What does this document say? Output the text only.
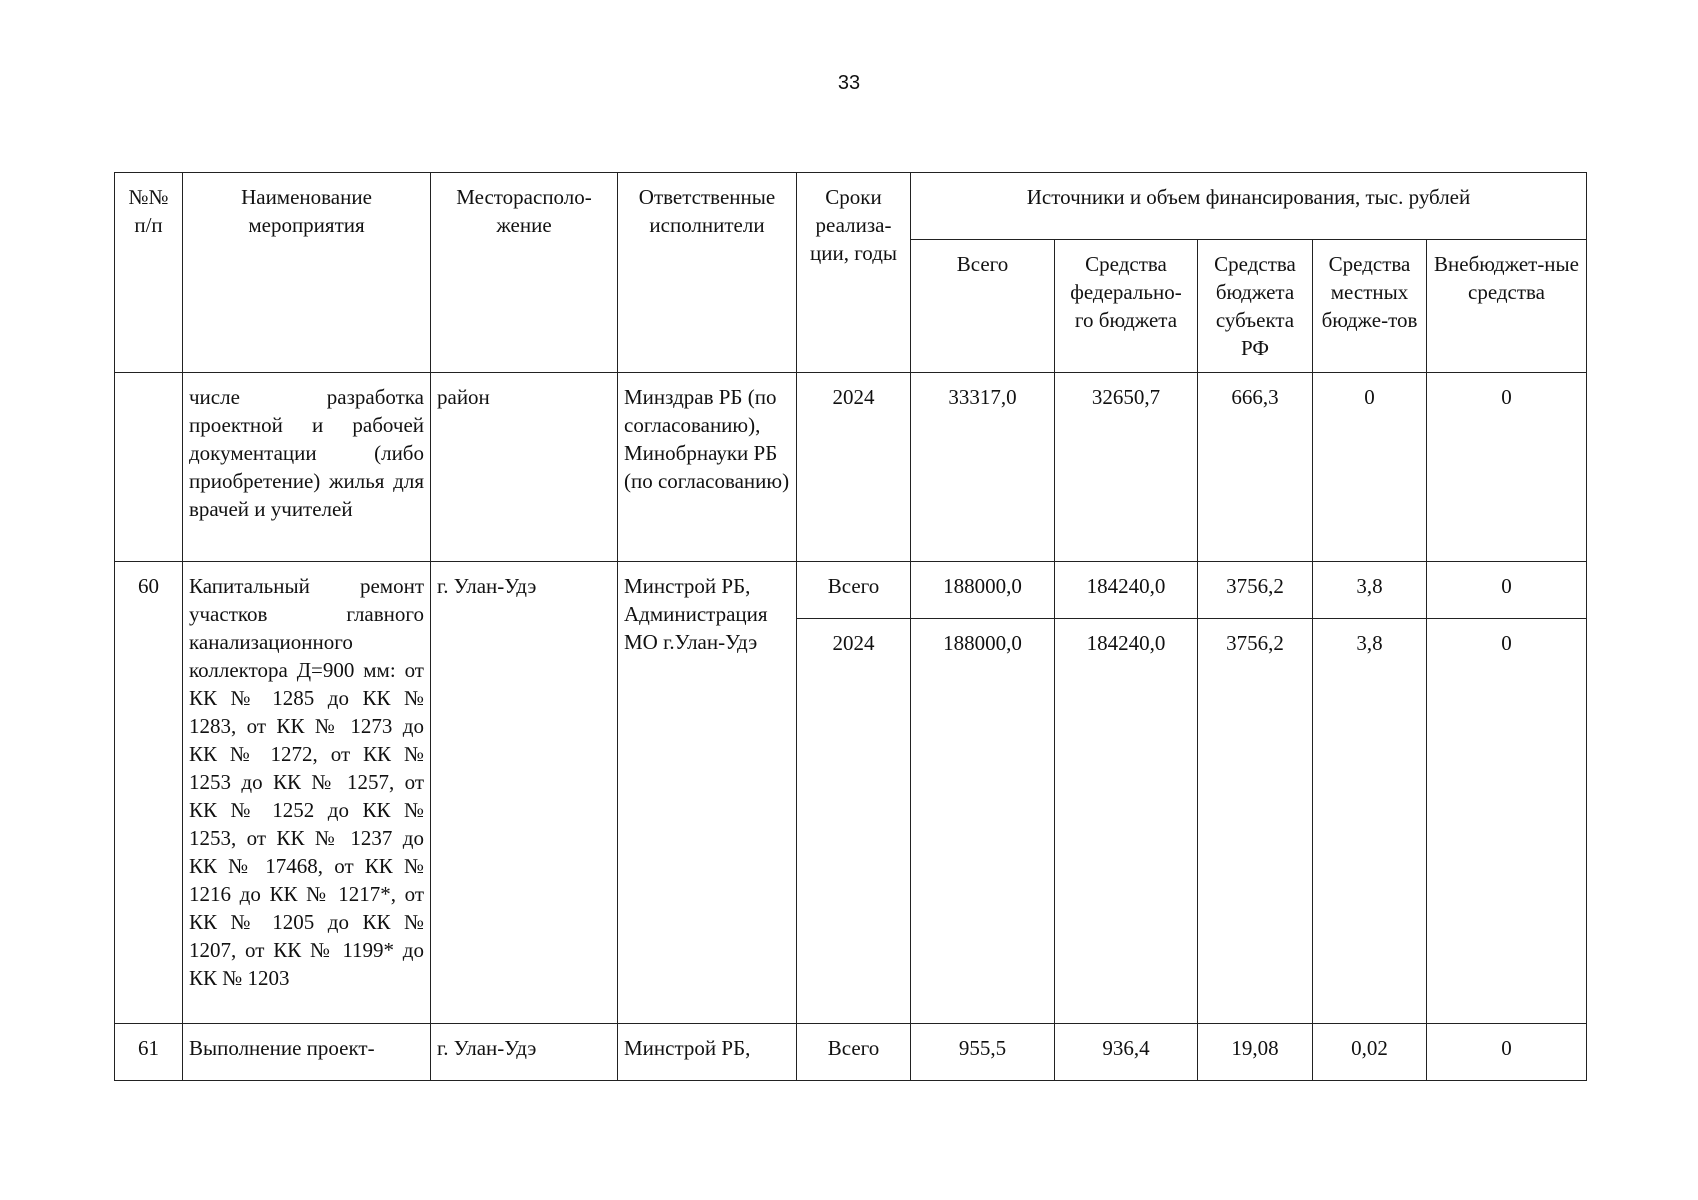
33
№№ п/п	Наименование мероприятия	Месторасполо-жение	Ответственные исполнители	Сроки реализа-ции, годы	Источники и объем финансирования, тыс. рублей				
					Всего	Средства федерально-го бюджета	Средства бюджета субъекта РФ	Средства местных бюдже-тов	Внебюджет-ные средства
	числе разработка проектной и рабочей документации (либо приобретение) жилья для врачей и учителей	район	Минздрав РБ (по согласованию), Минобрнауки РБ (по согласованию)	2024	33317,0	32650,7	666,3	0	0
60	Капитальный ремонт участков главного канализационного коллектора Д=900 мм: от КК № 1285 до КК № 1283, от КК № 1273 до КК № 1272, от КК № 1253 до КК № 1257, от КК № 1252 до КК № 1253, от КК № 1237 до КК № 17468, от КК № 1216 до КК № 1217*, от КК № 1205 до КК № 1207, от КК № 1199* до КК № 1203	г. Улан-Удэ	Минстрой РБ, Администрация МО г.Улан-Удэ	Всего	188000,0	184240,0	3756,2	3,8	0
				2024	188000,0	184240,0	3756,2	3,8	0
61	Выполнение проект-	г. Улан-Удэ	Минстрой РБ,	Всего	955,5	936,4	19,08	0,02	0
